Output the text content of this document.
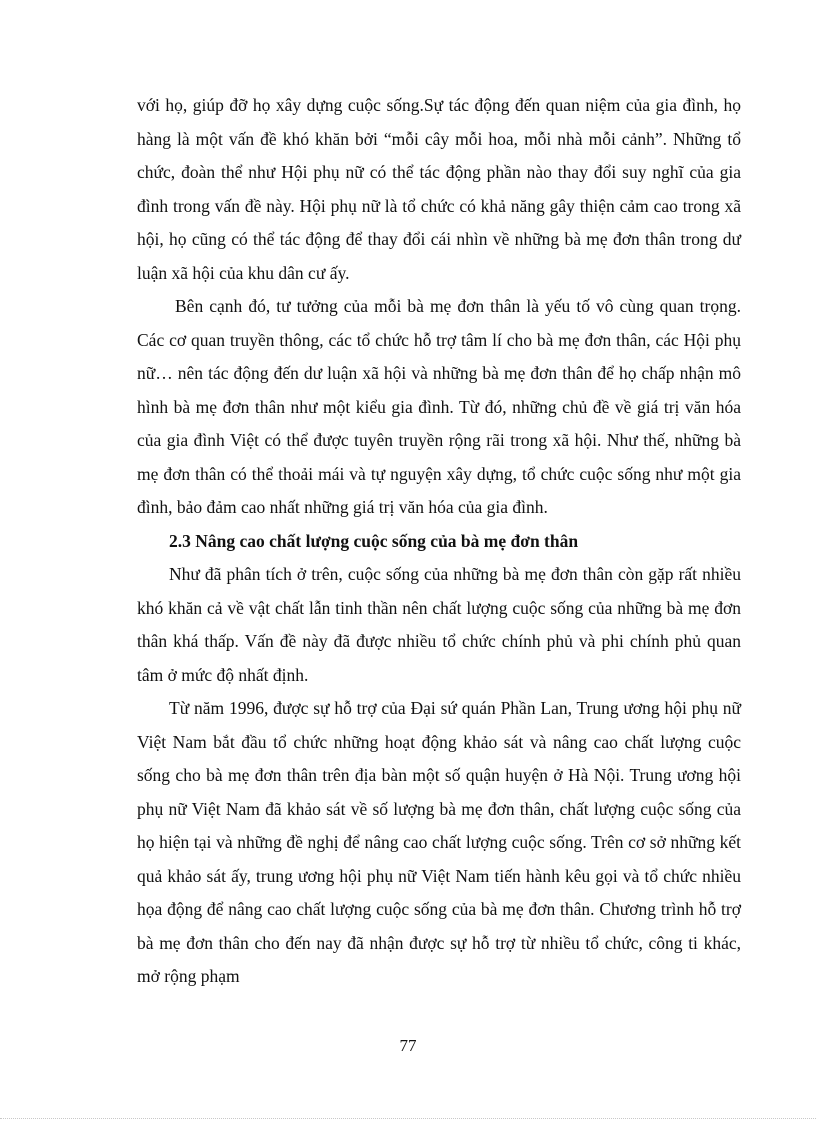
với họ, giúp đỡ họ xây dựng cuộc sống.Sự tác động đến quan niệm của gia đình, họ hàng là một vấn đề khó khăn bởi “mỗi cây mỗi hoa, mỗi nhà mỗi cảnh”. Những tổ chức, đoàn thể như Hội phụ nữ có thể tác động phần nào thay đổi suy nghĩ của gia đình trong vấn đề này. Hội phụ nữ là tổ chức có khả năng gây thiện cảm cao trong xã hội, họ cũng có thể tác động để thay đổi cái nhìn về những bà mẹ đơn thân trong dư luận xã hội của khu dân cư ấy.

Bên cạnh đó, tư tưởng của mỗi bà mẹ đơn thân là yếu tố vô cùng quan trọng. Các cơ quan truyền thông, các tổ chức hỗ trợ tâm lí cho bà mẹ đơn thân, các Hội phụ nữ… nên tác động đến dư luận xã hội và những bà mẹ đơn thân để họ chấp nhận mô hình bà mẹ đơn thân như một kiểu gia đình. Từ đó, những chủ đề về giá trị văn hóa của gia đình Việt có thể được tuyên truyền rộng rãi trong xã hội. Như thế, những bà mẹ đơn thân có thể thoải mái và tự nguyện xây dựng, tổ chức cuộc sống như một gia đình, bảo đảm cao nhất những giá trị văn hóa của gia đình.

2.3 Nâng cao chất lượng cuộc sống của bà mẹ đơn thân

Như đã phân tích ở trên, cuộc sống của những bà mẹ đơn thân còn gặp rất nhiều khó khăn cả về vật chất lẫn tinh thần nên chất lượng cuộc sống của những bà mẹ đơn thân khá thấp. Vấn đề này đã được nhiều tổ chức chính phủ và phi chính phủ quan tâm ở mức độ nhất định.

Từ năm 1996, được sự hỗ trợ của Đại sứ quán Phần Lan, Trung ương hội phụ nữ Việt Nam bắt đầu tổ chức những hoạt động khảo sát và nâng cao chất lượng cuộc sống cho bà mẹ đơn thân trên địa bàn một số quận huyện ở Hà Nội. Trung ương hội phụ nữ Việt Nam đã khảo sát về số lượng bà mẹ đơn thân, chất lượng cuộc sống của họ hiện tại và những đề nghị để nâng cao chất lượng cuộc sống. Trên cơ sở những kết quả khảo sát ấy, trung ương hội phụ nữ Việt Nam tiến hành kêu gọi và tổ chức nhiều họa động để nâng cao chất lượng cuộc sống của bà mẹ đơn thân. Chương trình hỗ trợ bà mẹ đơn thân cho đến nay đã nhận được sự hỗ trợ từ nhiều tổ chức, công ti khác, mở rộng phạm

77
